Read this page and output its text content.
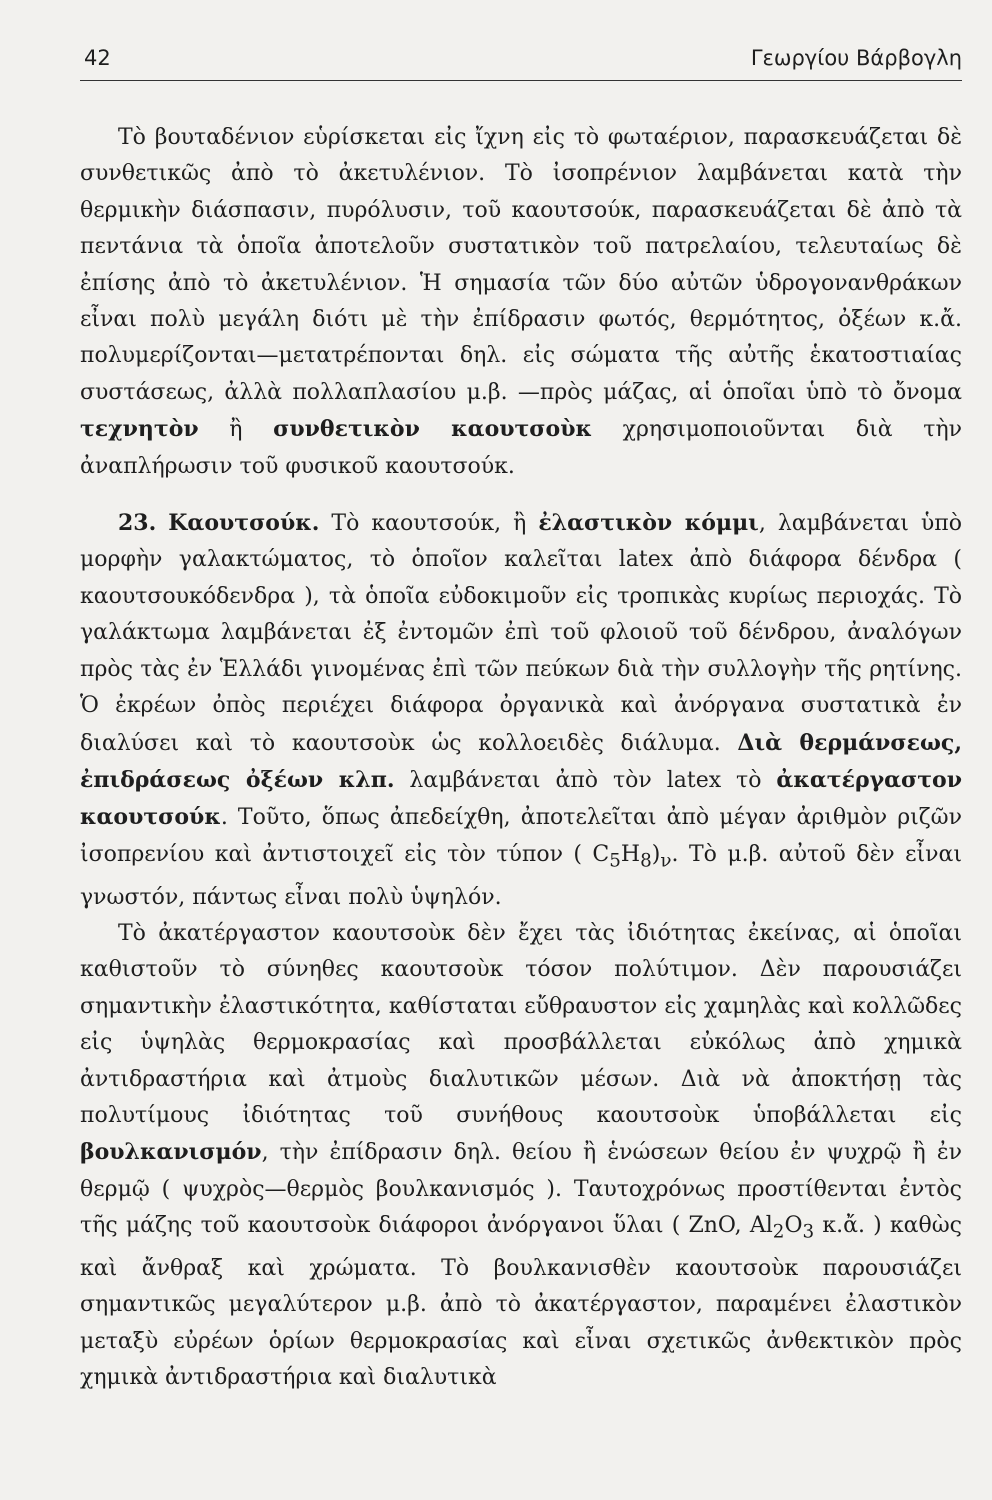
42	Γεωργίου Βάρβογλη

Τὸ βουταδένιον εὑρίσκεται εἰς ἴχνη εἰς τὸ φωταέριον, παρασκευάζεται δὲ συνθετικῶς ἀπὸ τὸ ἀκετυλένιον. Τὸ ἰσοπρένιον λαμβάνεται κατὰ τὴν θερμικὴν διάσπασιν, πυρόλυσιν, τοῦ καουτσούκ, παρασκευάζεται δὲ ἀπὸ τὰ πεντάνια τὰ ὁποῖα ἀποτελοῦν συστατικὸν τοῦ πατρελαίου, τελευταίως δὲ ἐπίσης ἀπὸ τὸ ἀκετυλένιον. Ἡ σημασία τῶν δύο αὐτῶν ὑδρογονανθράκων εἶναι πολὺ μεγάλη διότι μὲ τὴν ἐπίδρασιν φωτός, θερμότητος, ὀξέων κ.ἄ. πολυμερίζονται—μετατρέπονται δηλ. εἰς σώματα τῆς αὐτῆς ἑκατοστιαίας συστάσεως, ἀλλὰ πολλαπλασίου μ.β. —πρὸς μάζας, αἱ ὁποῖαι ὑπὸ τὸ ὄνομα τεχνητὸν ἢ συνθετικὸν καουτσοὺκ χρησιμοποιοῦνται διὰ τὴν ἀναπλήρωσιν τοῦ φυσικοῦ καουτσούκ.

23. Καουτσούκ. Τὸ καουτσούκ, ἢ ἐλαστικὸν κόμμι, λαμβάνεται ὑπὸ μορφὴν γαλακτώματος, τὸ ὁποῖον καλεῖται latex ἀπὸ διάφορα δένδρα ( καουτσουκόδενδρα ), τὰ ὁποῖα εὐδοκιμοῦν εἰς τροπικὰς κυρίως περιοχάς. Τὸ γαλάκτωμα λαμβάνεται ἐξ ἐντομῶν ἐπὶ τοῦ φλοιοῦ τοῦ δένδρου, ἀναλόγων πρὸς τὰς ἐν Ἑλλάδι γινομένας ἐπὶ τῶν πεύκων διὰ τὴν συλλογὴν τῆς ρητίνης. Ὁ ἐκρέων ὀπὸς περιέχει διάφορα ὀργανικὰ καὶ ἀνόργανα συστατικὰ ἐν διαλύσει καὶ τὸ καουτσοὺκ ὡς κολλοειδὲς διάλυμα. Διὰ θερμάνσεως, ἐπιδράσεως ὀξέων κλπ. λαμβάνεται ἀπὸ τὸν latex τὸ ἀκατέργαστον καουτσούκ. Τοῦτο, ὅπως ἀπεδείχθη, ἀποτελεῖται ἀπὸ μέγαν ἀριθμὸν ριζῶν ἰσοπρενίου καὶ ἀντιστοιχεῖ εἰς τὸν τύπον ( $C_5H_8)_\nu$. Τὸ μ.β. αὐτοῦ δὲν εἶναι γνωστόν, πάντως εἶναι πολὺ ὑψηλόν.

Τὸ ἀκατέργαστον καουτσοὺκ δὲν ἔχει τὰς ἰδιότητας ἐκείνας, αἱ ὁποῖαι καθιστοῦν τὸ σύνηθες καουτσοὺκ τόσον πολύτιμον. Δὲν παρουσιάζει σημαντικὴν ἐλαστικότητα, καθίσταται εὔθραυστον εἰς χαμηλὰς καὶ κολλῶδες εἰς ὑψηλὰς θερμοκρασίας καὶ προσβάλλεται εὐκόλως ἀπὸ χημικὰ ἀντιδραστήρια καὶ ἀτμοὺς διαλυτικῶν μέσων. Διὰ νὰ ἀποκτήσῃ τὰς πολυτίμους ἰδιότητας τοῦ συνήθους καουτσοὺκ ὑποβάλλεται εἰς βουλκανισμόν, τὴν ἐπίδρασιν δηλ. θείου ἢ ἑνώσεων θείου ἐν ψυχρῷ ἢ ἐν θερμῷ ( ψυχρὸς—θερμὸς βουλκανισμός ). Ταυτοχρόνως προστίθενται ἐντὸς τῆς μάζης τοῦ καουτσοὺκ διάφοροι ἀνόργανοι ὕλαι ( ZnO, $Al_2O_3$ κ.ἄ. ) καθὼς καὶ ἄνθραξ καὶ χρώματα. Τὸ βουλκανισθὲν καουτσοὺκ παρουσιάζει σημαντικῶς μεγαλύτερον μ.β. ἀπὸ τὸ ἀκατέργαστον, παραμένει ἐλαστικὸν μεταξὺ εὐρέων ὁρίων θερμοκρασίας καὶ εἶναι σχετικῶς ἀνθεκτικὸν πρὸς χημικὰ ἀντιδραστήρια καὶ διαλυτικὰ
